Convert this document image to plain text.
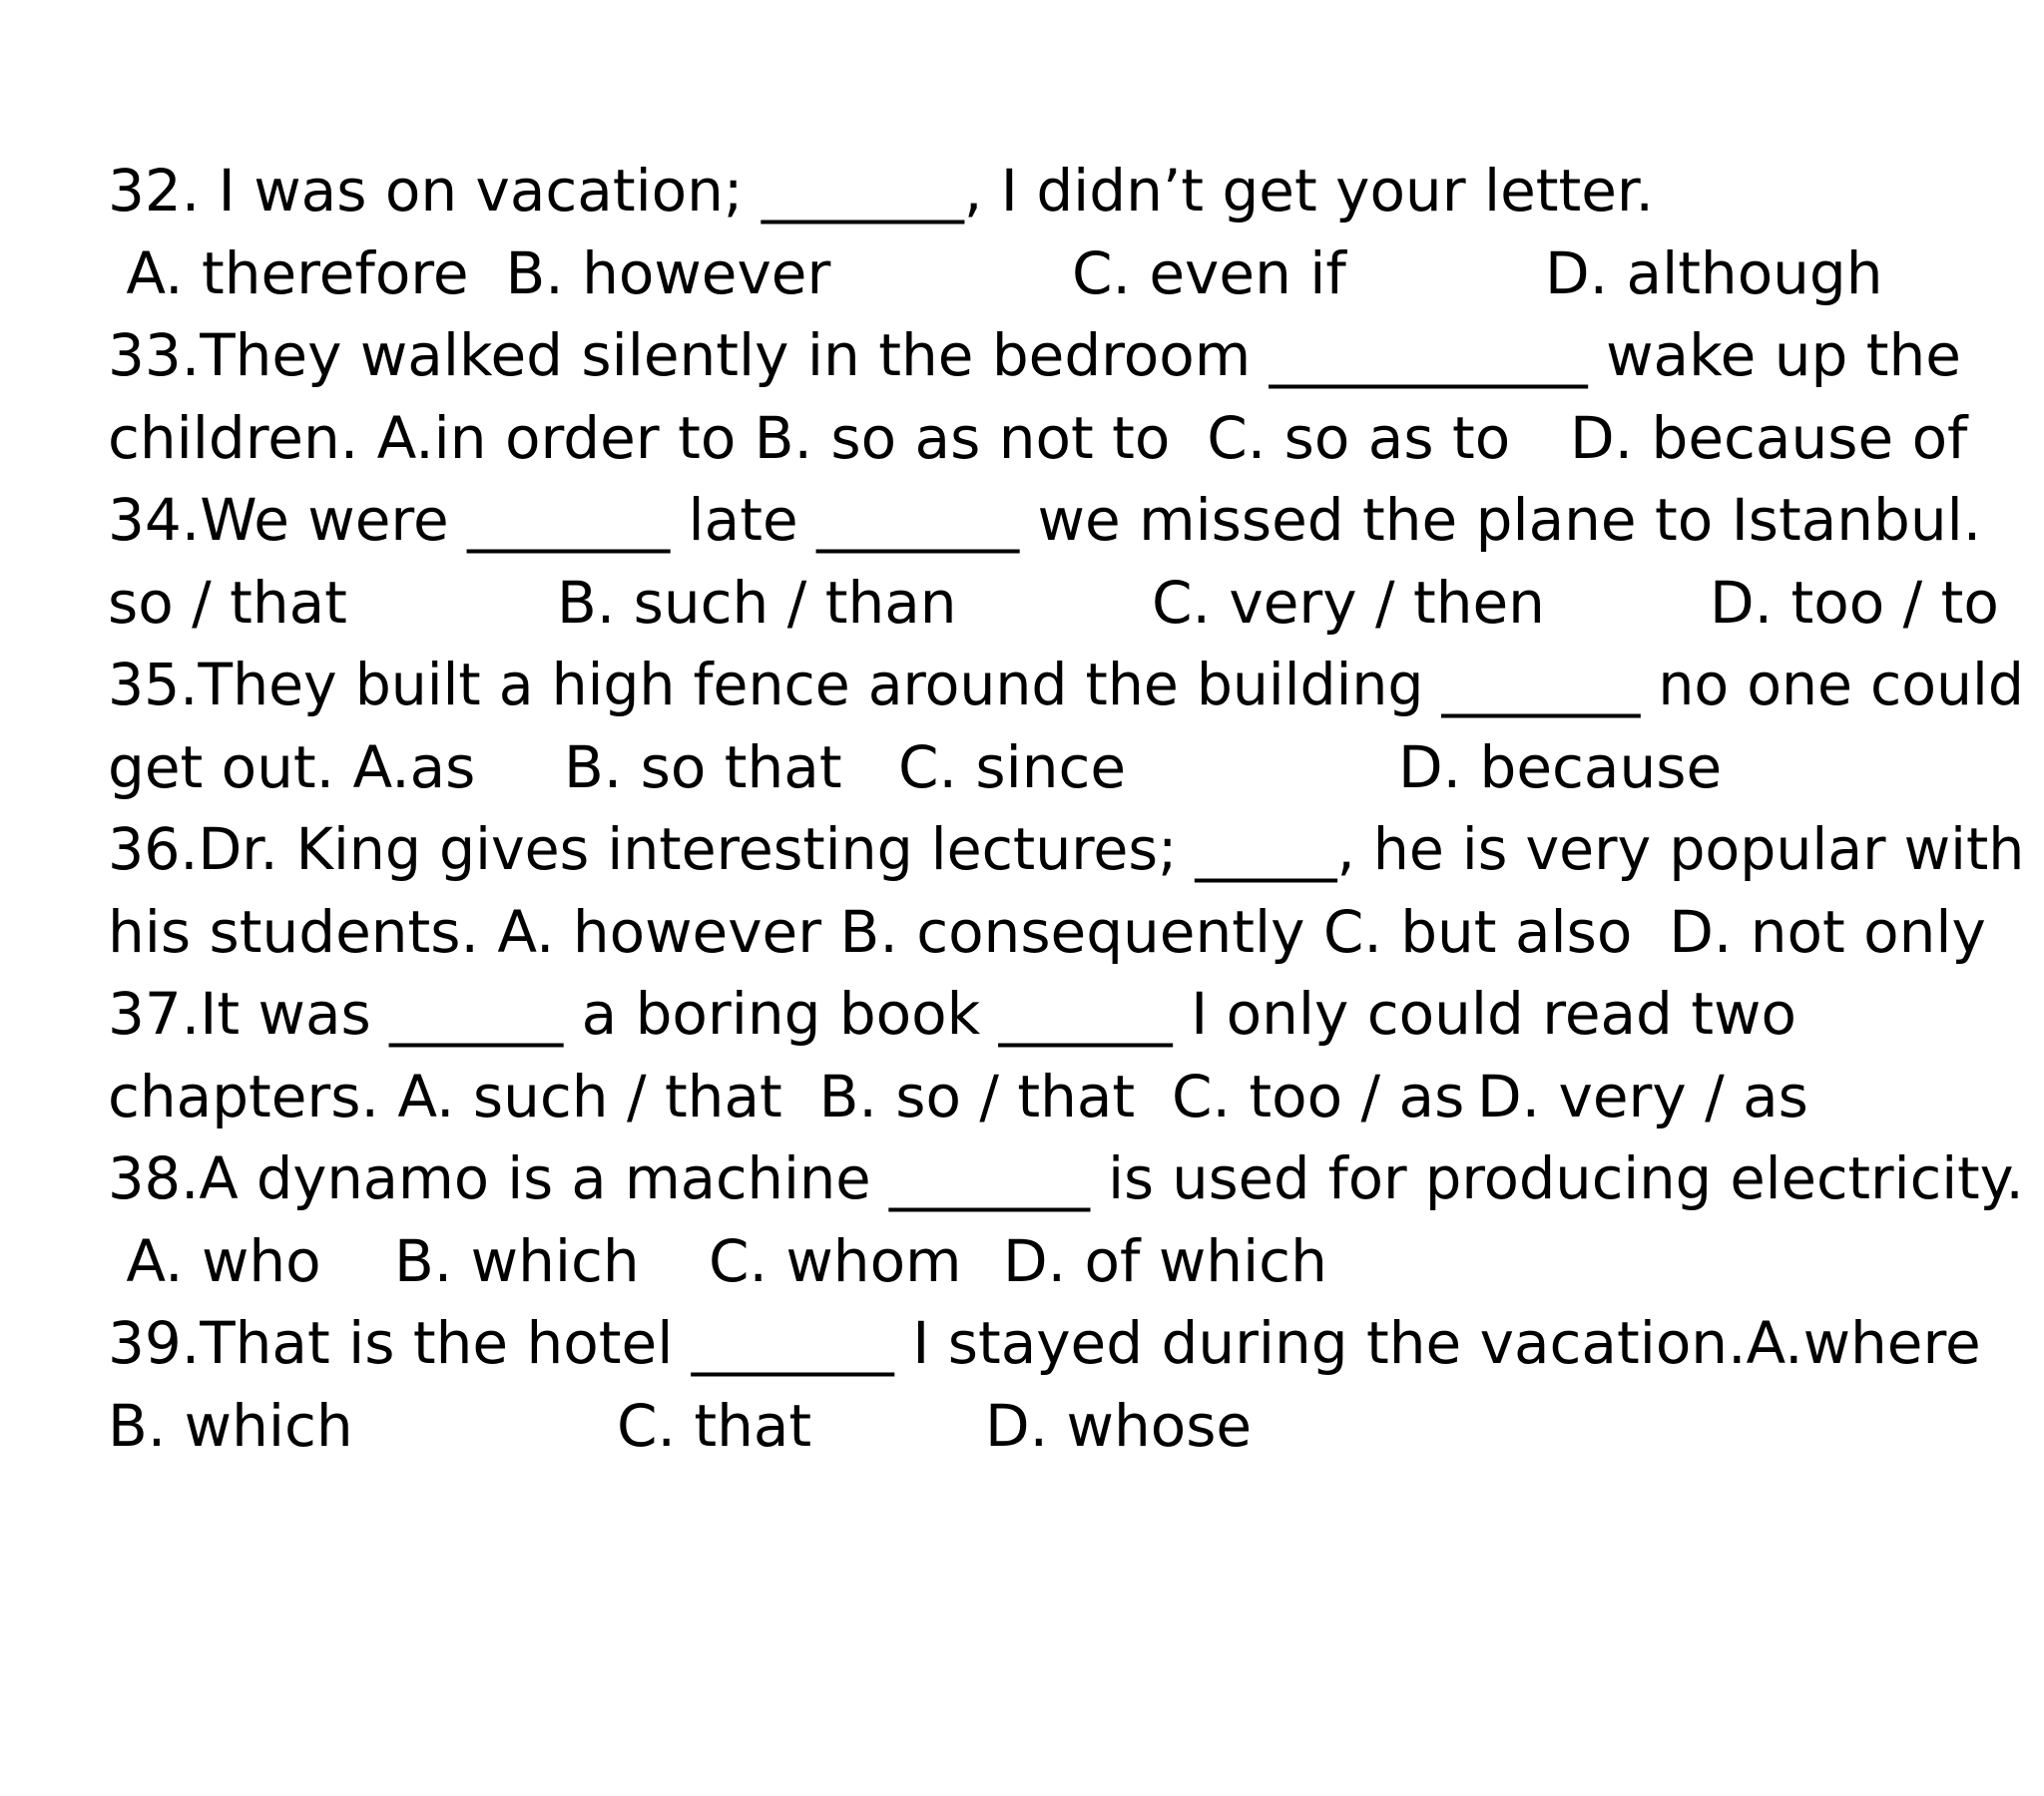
32. I was on vacation; _______, I didn’t get your letter.

A. therefore  B. however

	C. even if

	D. although

33.They walked silently in the bedroom ___________ wake up the

children. A.in order to B. so as not to  C. so as to

D. because of

34.We were _______ late _______ we missed the plane to Istanbul.

so / that

	B. such / than

	C. very / then

	D. too / to

35.They built a high fence around the building _______ no one could

get out. A.as

B. so that

C. since

	D. because

36.Dr. King gives interesting lectures; _____, he is very popular with

his students. A. however B. consequently C. but also  D. not only

37.It was ______ a boring book ______ I only could read two

chapters. A. such / that  B. so / that  C. too / as

D. very / as

38.A dynamo is a machine _______ is used for producing electricity.

A. who

B. which

C. whom

D. of which

39.That is the hotel _______ I stayed during the vacation.A.where

B. which

	C. that

	D. whose
